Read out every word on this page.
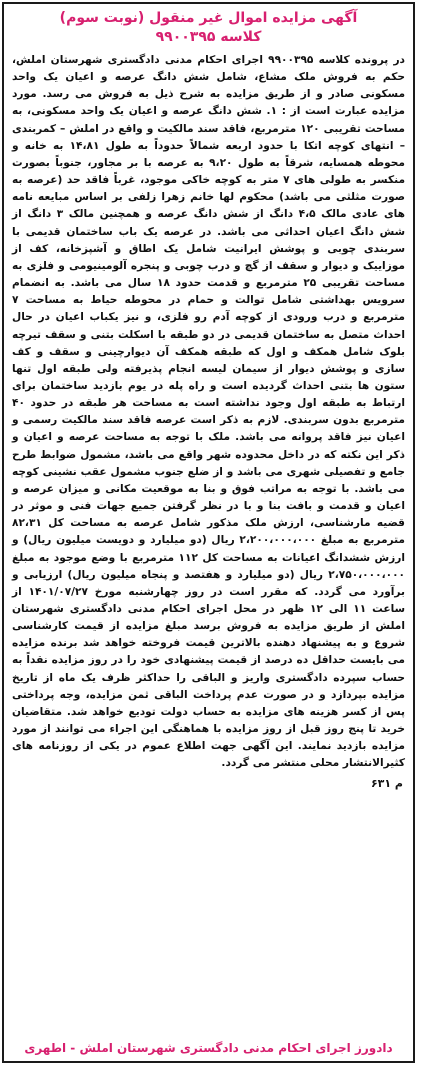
آگهی مزایده اموال غیر منقول (نوبت سوم)
کلاسه ۹۹۰۰۳۹۵
در پرونده کلاسه ۹۹۰۰۳۹۵ اجرای احکام مدنی دادگستری شهرستان املش، حکم به فروش ملک مشاع، شامل شش دانگ عرصه و اعیان یک واحد مسکونی صادر و از طریق مزایده به شرح ذیل به فروش می رسد. مورد مزایده عبارت است از : ۱. شش دانگ عرصه و اعیان یک واحد مسکونی، به مساحت تقریبی ۱۲۰ مترمربع، فاقد سند مالکیت و واقع در املش – کمربندی – انتهای کوچه اتکا با حدود اربعه شمالاً حدوداً به طول ۱۴،۸۱ به خانه و محوطه همسایه، شرقاً به طول ۹،۲۰ به عرصه با بر مجاور، جنوباً بصورت منکسر به طولی های ۷ متر به کوچه خاکی موجود، غرباً فاقد حد (عرصه به صورت مثلثی می باشد) محکوم لها خانم زهرا زلفی بر اساس مبایعه نامه های عادی مالک ۴،۵ دانگ از شش دانگ عرصه و همچنین مالک ۳ دانگ از شش دانگ اعیان احداثی می باشد. در عرصه یک باب ساختمان قدیمی با سربندی چوبی و پوشش ایرانیت شامل یک اطاق و آشپزخانه، کف از موزاییک و دیوار و سقف از گچ و درب چوبی و پنجره آلومینیومی و فلزی به مساحت تقریبی ۲۵ مترمربع و قدمت حدود ۱۸ سال می باشد. به انضمام سرویس بهداشتی شامل توالت و حمام در محوطه حیاط به مساحت ۷ مترمربع و درب ورودی از کوچه آدم رو فلزی، و نیز یکباب اعیان در حال احداث متصل به ساختمان قدیمی در دو طبقه با اسکلت بتنی و سقف تیرچه بلوک شامل همکف و اول که طبقه همکف آن دیوارچینی و سقف و کف سازی و پوشش دیوار از سیمان لیسه انجام پذیرفته ولی طبقه اول تنها ستون ها بتنی احداث گردیده است و راه پله در یوم بازدید ساختمان برای ارتباط به طبقه اول وجود نداشته است به مساحت هر طبقه در حدود ۴۰ مترمربع بدون سربندی. لازم به ذکر است عرصه فاقد سند مالکیت رسمی و اعیان نیز فاقد پروانه می باشد. ملک با توجه به مساحت عرصه و اعیان و ذکر این نکته که در داخل محدوده شهر واقع می باشد، مشمول ضوابط طرح جامع و تفصیلی شهری می باشد و از ضلع جنوب مشمول عقب نشینی کوچه می باشد. با توجه به مراتب فوق و بنا به موقعیت مکانی و میزان عرصه و اعیان و قدمت و بافت بنا و با در نظر گرفتن جمیع جهات فنی و موثر در قضیه مارشناسی، ارزش ملک مذکور شامل عرصه به مساحت کل ۸۲،۳۱ مترمربع به مبلغ ۲،۲۰۰،۰۰۰،۰۰۰ ریال (دو میلیارد و دویست میلیون ریال) و ارزش ششدانگ اعیانات به مساحت کل ۱۱۲ مترمربع با وضع موجود به مبلغ ۲،۷۵۰،۰۰۰،۰۰۰ ریال (دو میلیارد و هفتصد و پنجاه میلیون ریال) ارزیابی و برآورد می گردد. که مقرر است در روز چهارشنبه مورخ ۱۴۰۱/۰۷/۲۷ از ساعت ۱۱ الی ۱۲ ظهر در محل اجرای احکام مدنی دادگستری شهرستان املش از طریق مزایده به فروش برسد مبلغ مزایده از قیمت کارشناسی شروع و به پیشنهاد دهنده بالاترین قیمت فروخته خواهد شد برنده مزایده می بایست حداقل ده درصد از قیمت پیشنهادی خود را در روز مزایده نقداً به حساب سپرده دادگستری واریز و الباقی را حداکثر ظرف یک ماه از تاریخ مزایده بپردازد و در صورت عدم پرداخت الباقی ثمن مزایده، وجه پرداختی پس از کسر هزینه های مزایده به حساب دولت تودیع خواهد شد. متقاضیان خرید تا پنج روز قبل از روز مزایده با هماهنگی این اجراء می توانند از مورد مزایده بازدید نمایند. این آگهی جهت اطلاع عموم در یکی از روزنامه های کثیرالانتشار محلی منتشر می گردد.
م ۶۳۱
دادورز اجرای احکام مدنی دادگستری شهرستان املش - اطهری
